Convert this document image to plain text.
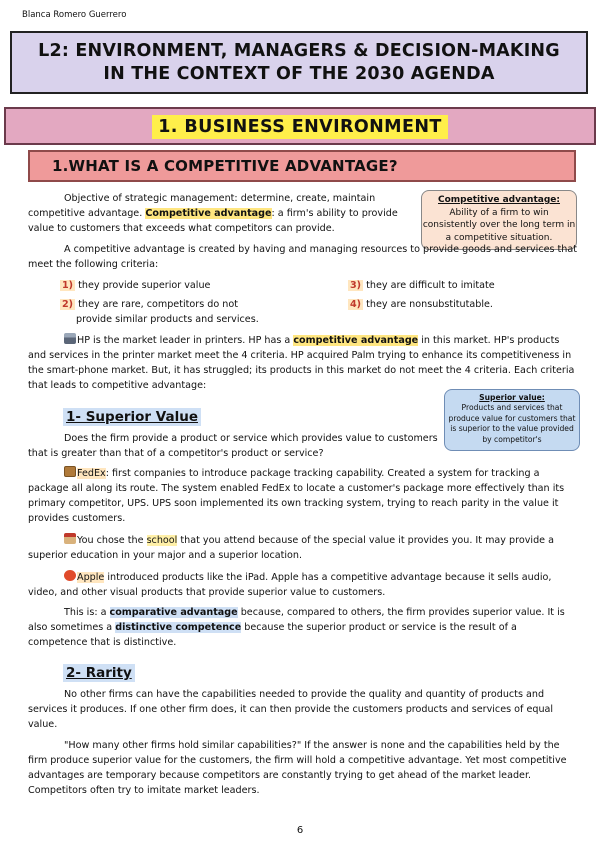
Blanca Romero Guerrero
L2: ENVIRONMENT, MANAGERS & DECISION-MAKING
IN THE CONTEXT OF THE 2030 AGENDA
1. BUSINESS ENVIRONMENT
1.WHAT IS A COMPETITIVE ADVANTAGE?
Competitive advantage:
Ability of a firm to win consistently over the long term in a competitive situation.
Objective of strategic management: determine, create, maintain competitive advantage. Competitive advantage: a firm's ability to provide value to customers that exceeds what competitors can provide.
A competitive advantage is created by having and managing resources to provide goods and services that meet the following criteria:
1) they provide superior value
2) they are rare, competitors do not
provide similar products and services.
3) they are difficult to imitate
4) they are nonsubstitutable.
HP is the market leader in printers. HP has a competitive advantage in this market. HP's products and services in the printer market meet the 4 criteria. HP acquired Palm trying to enhance its competitiveness in the smart-phone market. But, it has struggled; its products in this market do not meet the 4 criteria. Each criteria that leads to competitive advantage:
1- Superior Value
Superior value:
Products and services that produce value for customers that is superior to the value provided by competitor's
Does the firm provide a product or service which provides value to customers that is greater than that of a competitor's product or service?
FedEx: first companies to introduce package tracking capability. Created a system for tracking a package all along its route. The system enabled FedEx to locate a customer's package more effectively than its primary competitor, UPS. UPS soon implemented its own tracking system, trying to reach parity in the value it provides customers.
You chose the school that you attend because of the special value it provides you. It may provide a superior education in your major and a superior location.
Apple introduced products like the iPad. Apple has a competitive advantage because it sells audio, video, and other visual products that provide superior value to customers.
This is: a comparative advantage because, compared to others, the firm provides superior value. It is also sometimes a distinctive competence because the superior product or service is the result of a competence that is distinctive.
2- Rarity
No other firms can have the capabilities needed to provide the quality and quantity of products and services it produces. If one other firm does, it can then provide the customers products and services of equal value.
"How many other firms hold similar capabilities?" If the answer is none and the capabilities held by the firm produce superior value for the customers, the firm will hold a competitive advantage. Yet most competitive advantages are temporary because competitors are constantly trying to get ahead of the market leader. Competitors often try to imitate market leaders.
6
